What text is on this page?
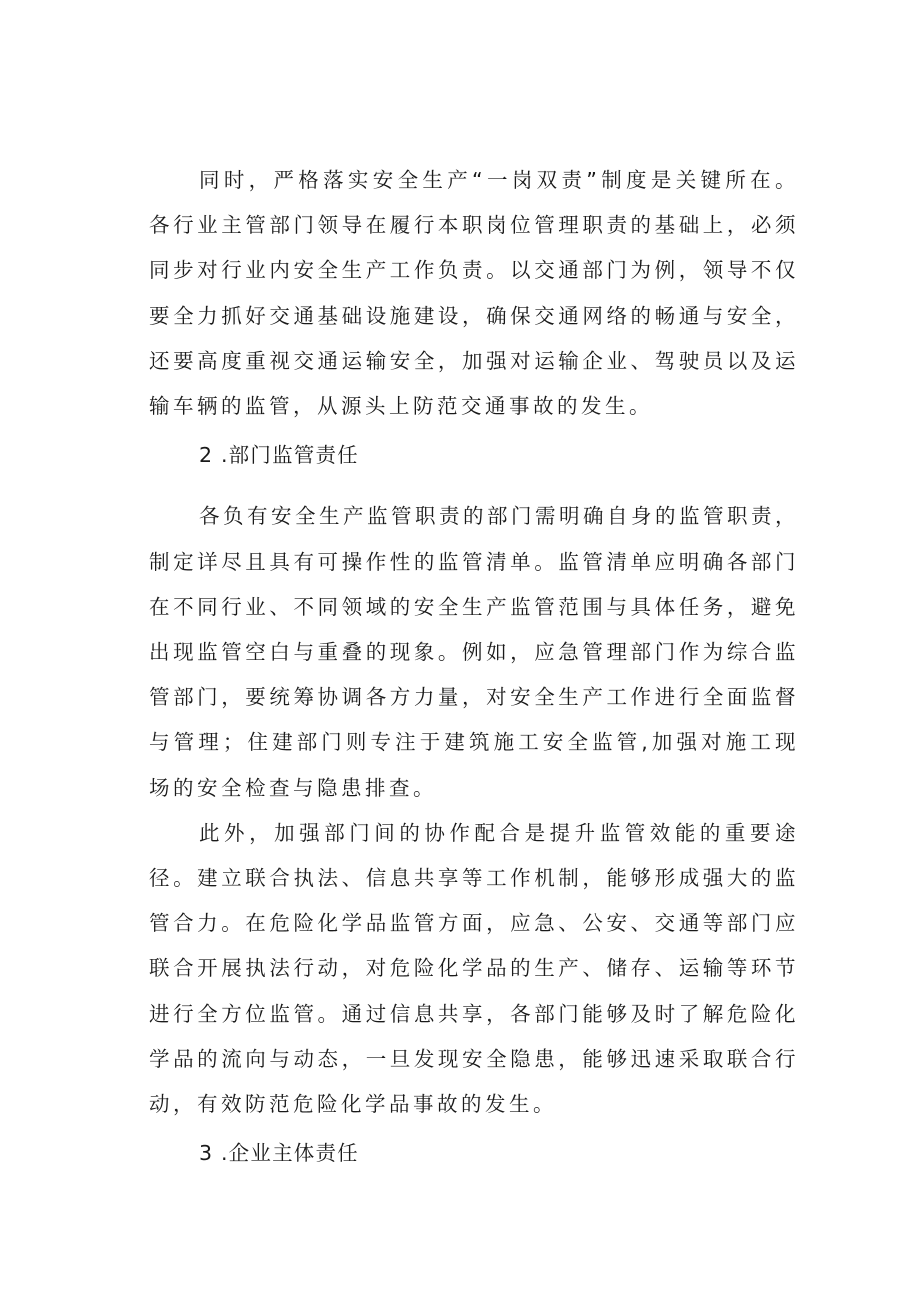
同时，严格落实安全生产“一岗双责”制度是关键所在。各行业主管部门领导在履行本职岗位管理职责的基础上，必须同步对行业内安全生产工作负责。以交通部门为例，领导不仅要全力抓好交通基础设施建设，确保交通网络的畅通与安全，还要高度重视交通运输安全，加强对运输企业、驾驶员以及运输车辆的监管，从源头上防范交通事故的发生。

2 .部门监管责任

各负有安全生产监管职责的部门需明确自身的监管职责，制定详尽且具有可操作性的监管清单。监管清单应明确各部门在不同行业、不同领域的安全生产监管范围与具体任务，避免出现监管空白与重叠的现象。例如，应急管理部门作为综合监管部门，要统筹协调各方力量，对安全生产工作进行全面监督与管理；住建部门则专注于建筑施工安全监管,加强对施工现场的安全检查与隐患排查。

此外，加强部门间的协作配合是提升监管效能的重要途径。建立联合执法、信息共享等工作机制，能够形成强大的监管合力。在危险化学品监管方面，应急、公安、交通等部门应联合开展执法行动，对危险化学品的生产、储存、运输等环节进行全方位监管。通过信息共享，各部门能够及时了解危险化学品的流向与动态，一旦发现安全隐患，能够迅速采取联合行动，有效防范危险化学品事故的发生。

3 .企业主体责任
